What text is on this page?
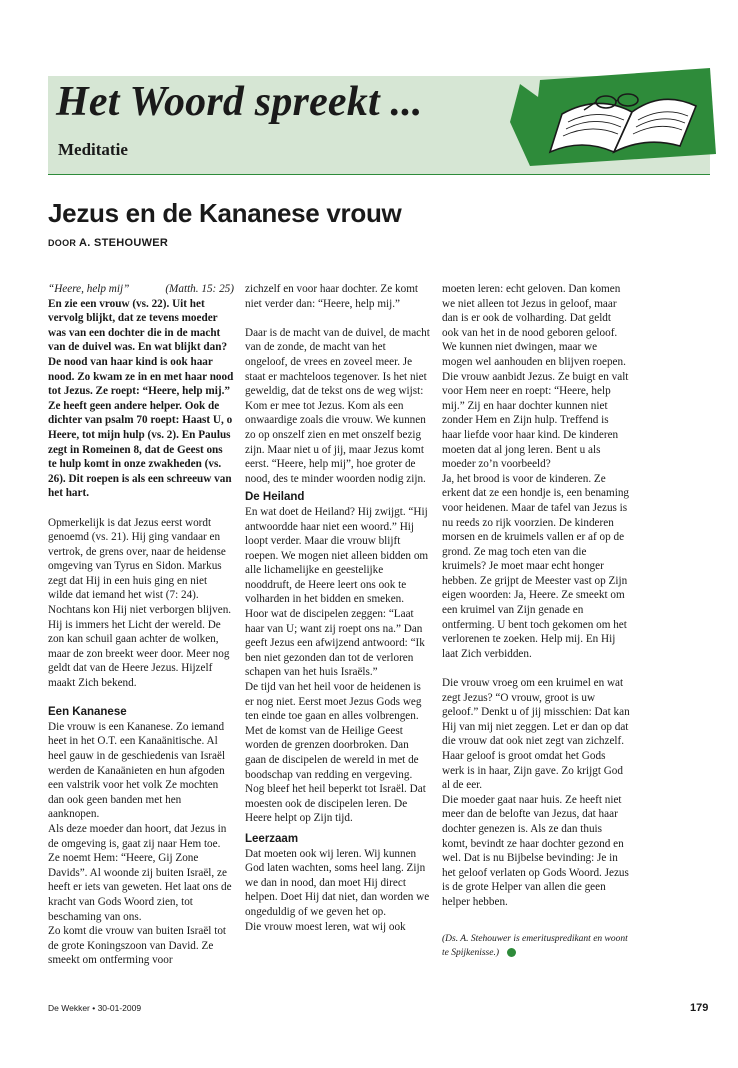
Het Woord spreekt ...
Meditatie
Jezus en de Kananese vrouw
DOOR A. STEHOUWER
“Heere, help mij”	(Matth. 15: 25)

En zie een vrouw (vs. 22). Uit het vervolg blijkt, dat ze tevens moeder was van een dochter die in de macht van de duivel was. En wat blijkt dan? De nood van haar kind is ook haar nood. Zo kwam ze in en met haar nood tot Jezus. Ze roept: “Heere, help mij.” Ze heeft geen andere helper. Ook de dichter van psalm 70 roept: Haast U, o Heere, tot mijn hulp (vs. 2). En Paulus zegt in Romeinen 8, dat de Geest ons te hulp komt in onze zwakheden (vs. 26). Dit roepen is als een schreeuw van het hart.

Opmerkelijk is dat Jezus eerst wordt genoemd (vs. 21). Hij ging vandaar en vertrok, de grens over, naar de heidense omgeving van Tyrus en Sidon. Markus zegt dat Hij in een huis ging en niet wilde dat iemand het wist (7: 24). Nochtans kon Hij niet verborgen blijven. Hij is immers het Licht der wereld. De zon kan schuil gaan achter de wolken, maar de zon breekt weer door. Meer nog geldt dat van de Heere Jezus. Hijzelf maakt Zich bekend.

Een Kananese

Die vrouw is een Kananese. Zo iemand heet in het O.T. een Kanaänitische. Al heel gauw in de geschiedenis van Israël werden de Kanaänieten en hun afgoden een valstrik voor het volk Ze mochten dan ook geen banden met hen aanknopen.

Als deze moeder dan hoort, dat Jezus in de omgeving is, gaat zij naar Hem toe. Ze noemt Hem: “Heere, Gij Zone Davids”. Al woonde zij buiten Israël, ze heeft er iets van geweten. Het laat ons de kracht van Gods Woord zien, tot beschaming van ons.

Zo komt die vrouw van buiten Israël tot de grote Koningszoon van David. Ze smeekt om ontferming voor

zichzelf en voor haar dochter. Ze komt niet verder dan: “Heere, help mij.”

Daar is de macht van de duivel, de macht van de zonde, de macht van het ongeloof, de vrees en zoveel meer. Je staat er machteloos tegenover. Is het niet geweldig, dat de tekst ons de weg wijst: Kom er mee tot Jezus. Kom als een onwaardige zoals die vrouw. We kunnen zo op onszelf zien en met onszelf bezig zijn. Maar niet u of jij, maar Jezus komt eerst. “Heere, help mij”, hoe groter de nood, des te minder woorden nodig zijn.

De Heiland

En wat doet de Heiland? Hij zwijgt. “Hij antwoordde haar niet een woord.” Hij loopt verder. Maar die vrouw blijft roepen. We mogen niet alleen bidden om alle lichamelijke en geestelijke nooddruft, de Heere leert ons ook te volharden in het bidden en smeken.

Hoor wat de discipelen zeggen: “Laat haar van U; want zij roept ons na.” Dan geeft Jezus een afwijzend antwoord: “Ik ben niet gezonden dan tot de verloren schapen van het huis Israëls.”

De tijd van het heil voor de heidenen is er nog niet. Eerst moet Jezus Gods weg ten einde toe gaan en alles volbrengen. Met de komst van de Heilige Geest worden de grenzen doorbroken. Dan gaan de discipelen de wereld in met de boodschap van redding en vergeving. Nog bleef het heil beperkt tot Israël. Dat moesten ook de discipelen leren. De Heere helpt op Zijn tijd.

Leerzaam

Dat moeten ook wij leren. Wij kunnen God laten wachten, soms heel lang. Zijn we dan in nood, dan moet Hij direct helpen. Doet Hij dat niet, dan worden we ongeduldig of we geven het op.

Die vrouw moest leren, wat wij ook

moeten leren: echt geloven. Dan komen we niet alleen tot Jezus in geloof, maar dan is er ook de volharding. Dat geldt ook van het in de nood geboren geloof. We kunnen niet dwingen, maar we mogen wel aanhouden en blijven roepen.

Die vrouw aanbidt Jezus. Ze buigt en valt voor Hem neer en roept: “Heere, help mij.” Zij en haar dochter kunnen niet zonder Hem en Zijn hulp. Treffend is haar liefde voor haar kind. De kinderen moeten dat al jong leren. Bent u als moeder zo’n voorbeeld?

Ja, het brood is voor de kinderen. Ze erkent dat ze een hondje is, een benaming voor heidenen. Maar de tafel van Jezus is nu reeds zo rijk voorzien. De kinderen morsen en de kruimels vallen er af op de grond. Ze mag toch eten van die kruimels? Je moet maar echt honger hebben. Ze grijpt de Meester vast op Zijn eigen woorden: Ja, Heere. Ze smeekt om een kruimel van Zijn genade en ontferming. U bent toch gekomen om het verlorenen te zoeken. Help mij. En Hij laat Zich verbidden.

Die vrouw vroeg om een kruimel en wat zegt Jezus? “O vrouw, groot is uw geloof.” Denkt u of jij misschien: Dat kan Hij van mij niet zeggen. Let er dan op dat die vrouw dat ook niet zegt van zichzelf. Haar geloof is groot omdat het Gods werk is in haar, Zijn gave. Zo krijgt God al de eer.

Die moeder gaat naar huis. Ze heeft niet meer dan de belofte van Jezus, dat haar dochter genezen is. Als ze dan thuis komt, bevindt ze haar dochter gezond en wel. Dat is nu Bijbelse bevinding: Je in het geloof verlaten op Gods Woord. Jezus is de grote Helper van allen die geen helper hebben.

(Ds. A. Stehouwer is emerituspredikant en woont te Spijkenisse.)

De Wekker • 30-01-2009	179
